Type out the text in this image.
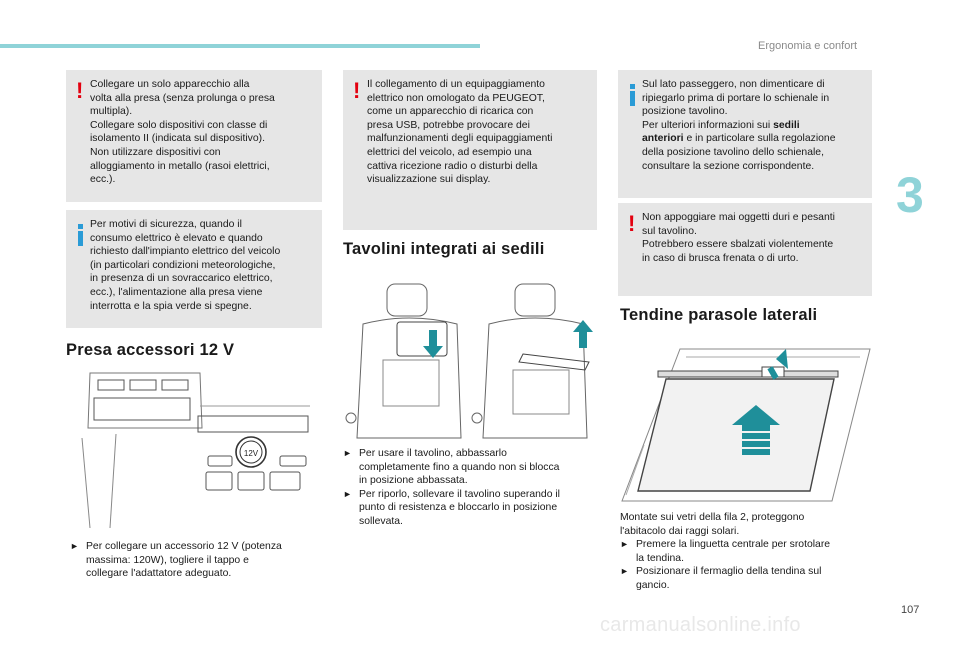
Ergonomia e confort
3
107
carmanualsonline.info
! Collegare un solo apparecchio alla
volta alla presa (senza prolunga o presa
multipla).
Collegare solo dispositivi con classe di
isolamento II (indicata sul dispositivo).
Non utilizzare dispositivi con
alloggiamento in metallo (rasoi elettrici,
ecc.).

Per motivi di sicurezza, quando il
consumo elettrico è elevato e quando
richiesto dall'impianto elettrico del veicolo
(in particolari condizioni meteorologiche,
in presenza di un sovraccarico elettrico,
ecc.), l'alimentazione alla presa viene
interrotta e la spia verde si spegne.

Presa accessori 12 V
12V

► Per collegare un accessorio 12 V (potenza
massima: 120W), togliere il tappo e
collegare l'adattatore adeguato.

! Il collegamento di un equipaggiamento
elettrico non omologato da PEUGEOT,
come un apparecchio di ricarica con
presa USB, potrebbe provocare dei
malfunzionamenti degli equipaggiamenti
elettrici del veicolo, ad esempio una
cattiva ricezione radio o disturbi della
visualizzazione sui display.

Tavolini integrati ai sedili

► Per usare il tavolino, abbassarlo
completamente fino a quando non si blocca
in posizione abbassata.

► Per riporlo, sollevare il tavolino superando il
punto di resistenza e bloccarlo in posizione
sollevata.

Sul lato passeggero, non dimenticare di
ripiegarlo prima di portare lo schienale in
posizione tavolino.
Per ulteriori informazioni sui sedili
anteriori e in particolare sulla regolazione
della posizione tavolino dello schienale,
consultare la sezione corrispondente.

! Non appoggiare mai oggetti duri e pesanti
sul tavolino.
Potrebbero essere sbalzati violentemente
in caso di brusca frenata o di urto.

Tendine parasole laterali

Montate sui vetri della fila 2, proteggono
l'abitacolo dai raggi solari.

► Premere la linguetta centrale per srotolare
la tendina.

► Posizionare il fermaglio della tendina sul
gancio.
